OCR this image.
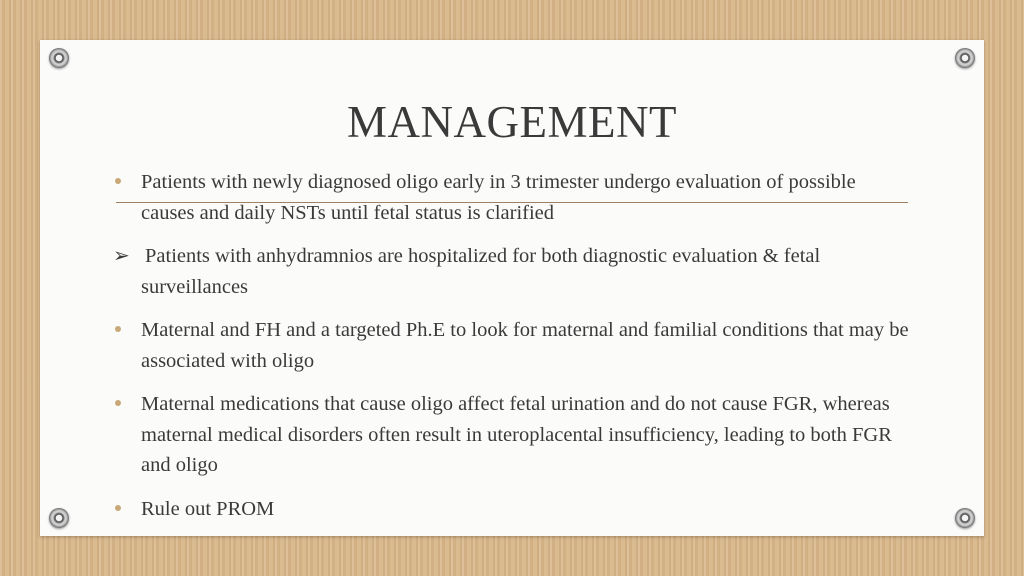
MANAGEMENT
Patients with newly diagnosed oligo early in 3 trimester undergo evaluation of possible causes and daily NSTs until fetal status is clarified
➢ Patients with anhydramnios are hospitalized for both diagnostic evaluation & fetal surveillances
Maternal and FH and a targeted Ph.E to look for maternal and familial conditions that may be associated with oligo
Maternal medications that cause oligo affect fetal urination and do not cause FGR, whereas maternal medical disorders often result in uteroplacental insufficiency, leading to both FGR and oligo
Rule out PROM
